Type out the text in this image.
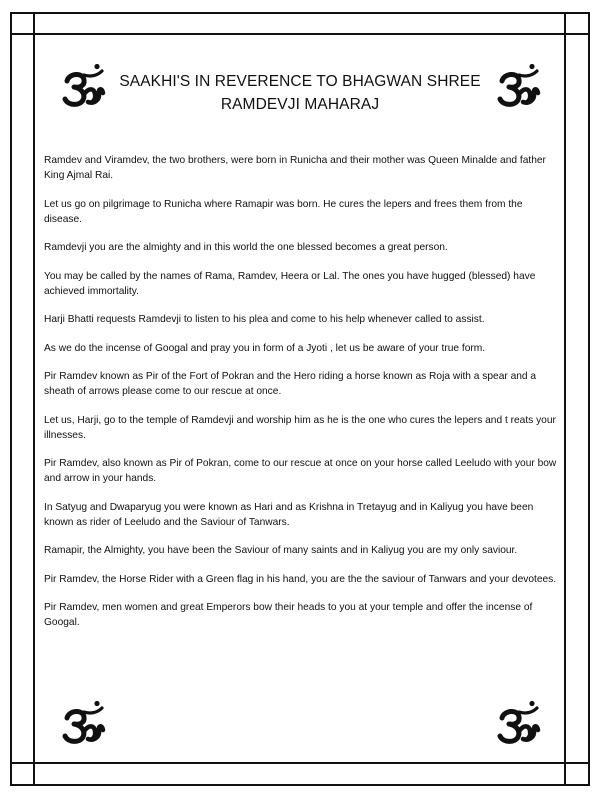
SAAKHI'S IN REVERENCE TO BHAGWAN SHREE RAMDEVJI MAHARAJ

Ramdev and Viramdev, the two brothers, were born in Runicha and their mother was Queen Minalde and father King Ajmal Rai.

Let us go on pilgrimage to Runicha where Ramapir was born. He cures the lepers and frees them from the disease.

Ramdevji you are the almighty and in this world the one blessed becomes a great person.

You may be called by the names of Rama, Ramdev, Heera or Lal. The ones you have hugged (blessed) have achieved immortality.

Harji Bhatti requests Ramdevji to listen to his plea and come to his help whenever called to assist.

As we do the incense of Googal and pray you in form of a Jyoti , let us be aware of your true form.

Pir Ramdev known as Pir of the Fort of Pokran and the Hero riding a horse known as Roja with a spear and a sheath of arrows please come to our rescue at once.

Let us, Harji, go to the temple of Ramdevji and worship him as he is the one who cures the lepers and t reats your illnesses.

Pir Ramdev, also known as Pir of Pokran, come to our rescue at once on your horse called Leeludo with your bow and arrow in your hands.

In Satyug and Dwaparyug you were known as Hari and as Krishna in Tretayug and in Kaliyug you have been known as rider of Leeludo and the Saviour of Tanwars.

Ramapir, the Almighty, you have been the Saviour of many saints and in Kaliyug you are my only saviour.

Pir Ramdev, the Horse Rider with a Green flag in his hand, you are the the saviour of Tanwars and your devotees.

Pir Ramdev, men women and great Emperors bow their heads to you at your temple and offer the incense of Googal.
